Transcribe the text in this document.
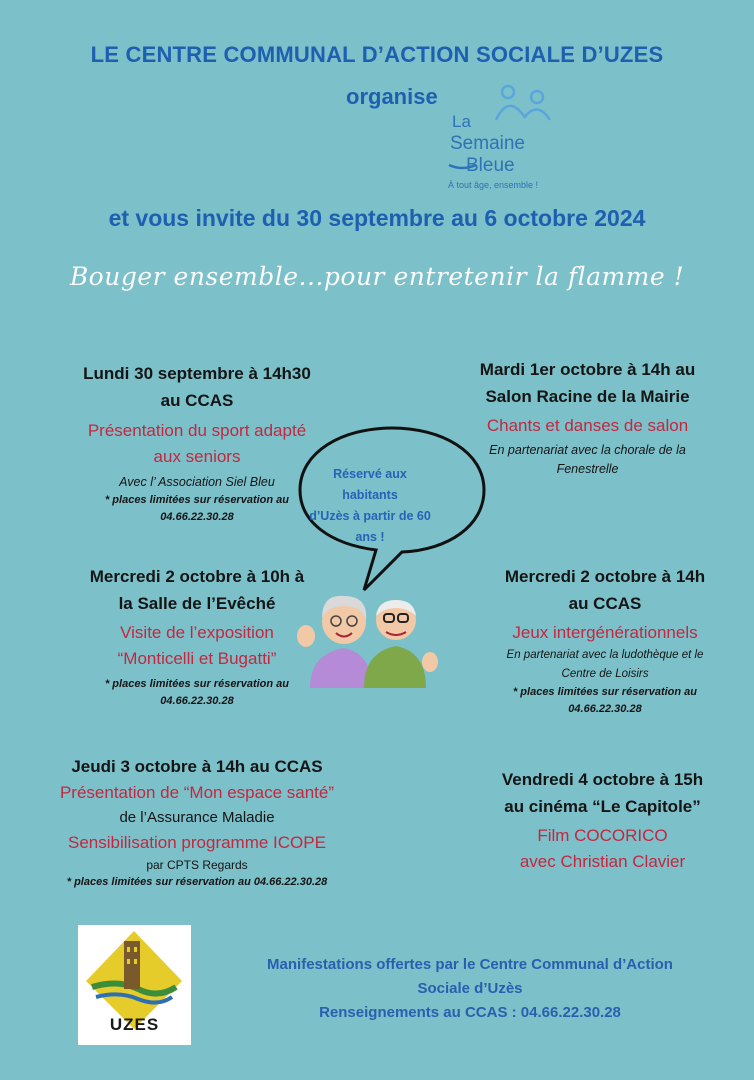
LE CENTRE COMMUNAL D’ACTION SOCIALE D’UZES
organise
La
Semaine
Bleue
À tout âge, ensemble !
et vous invite du 30 septembre au 6 octobre 2024
Bouger ensemble...pour entretenir la flamme !
Lundi 30 septembre à 14h30
au CCAS
Présentation du sport adapté
aux seniors
Avec l’ Association Siel Bleu
* places limitées sur réservation au
04.66.22.30.28
Mardi 1er octobre à 14h au
Salon Racine de la Mairie
Chants et danses de salon
En partenariat avec la chorale de la
Fenestrelle
Réservé aux habitants
d’Uzès à partir de 60
ans !
Mercredi 2 octobre à 10h à
la Salle de l’Evêché
Visite de l’exposition
“Monticelli et Bugatti”
* places limitées sur réservation au
04.66.22.30.28
Mercredi 2 octobre à 14h
au CCAS
Jeux intergénérationnels
En partenariat avec la ludothèque et le
Centre de Loisirs
* places limitées sur réservation au
04.66.22.30.28
Jeudi 3 octobre à 14h au CCAS
Présentation de “Mon espace santé”
de l’Assurance Maladie
Sensibilisation programme ICOPE
par CPTS Regards
* places limitées sur réservation au 04.66.22.30.28
Vendredi 4 octobre à 15h
au cinéma “Le Capitole”
Film COCORICO
avec Christian Clavier
UZES
Manifestations offertes par le Centre Communal d’Action
Sociale d’Uzès
Renseignements au CCAS : 04.66.22.30.28
